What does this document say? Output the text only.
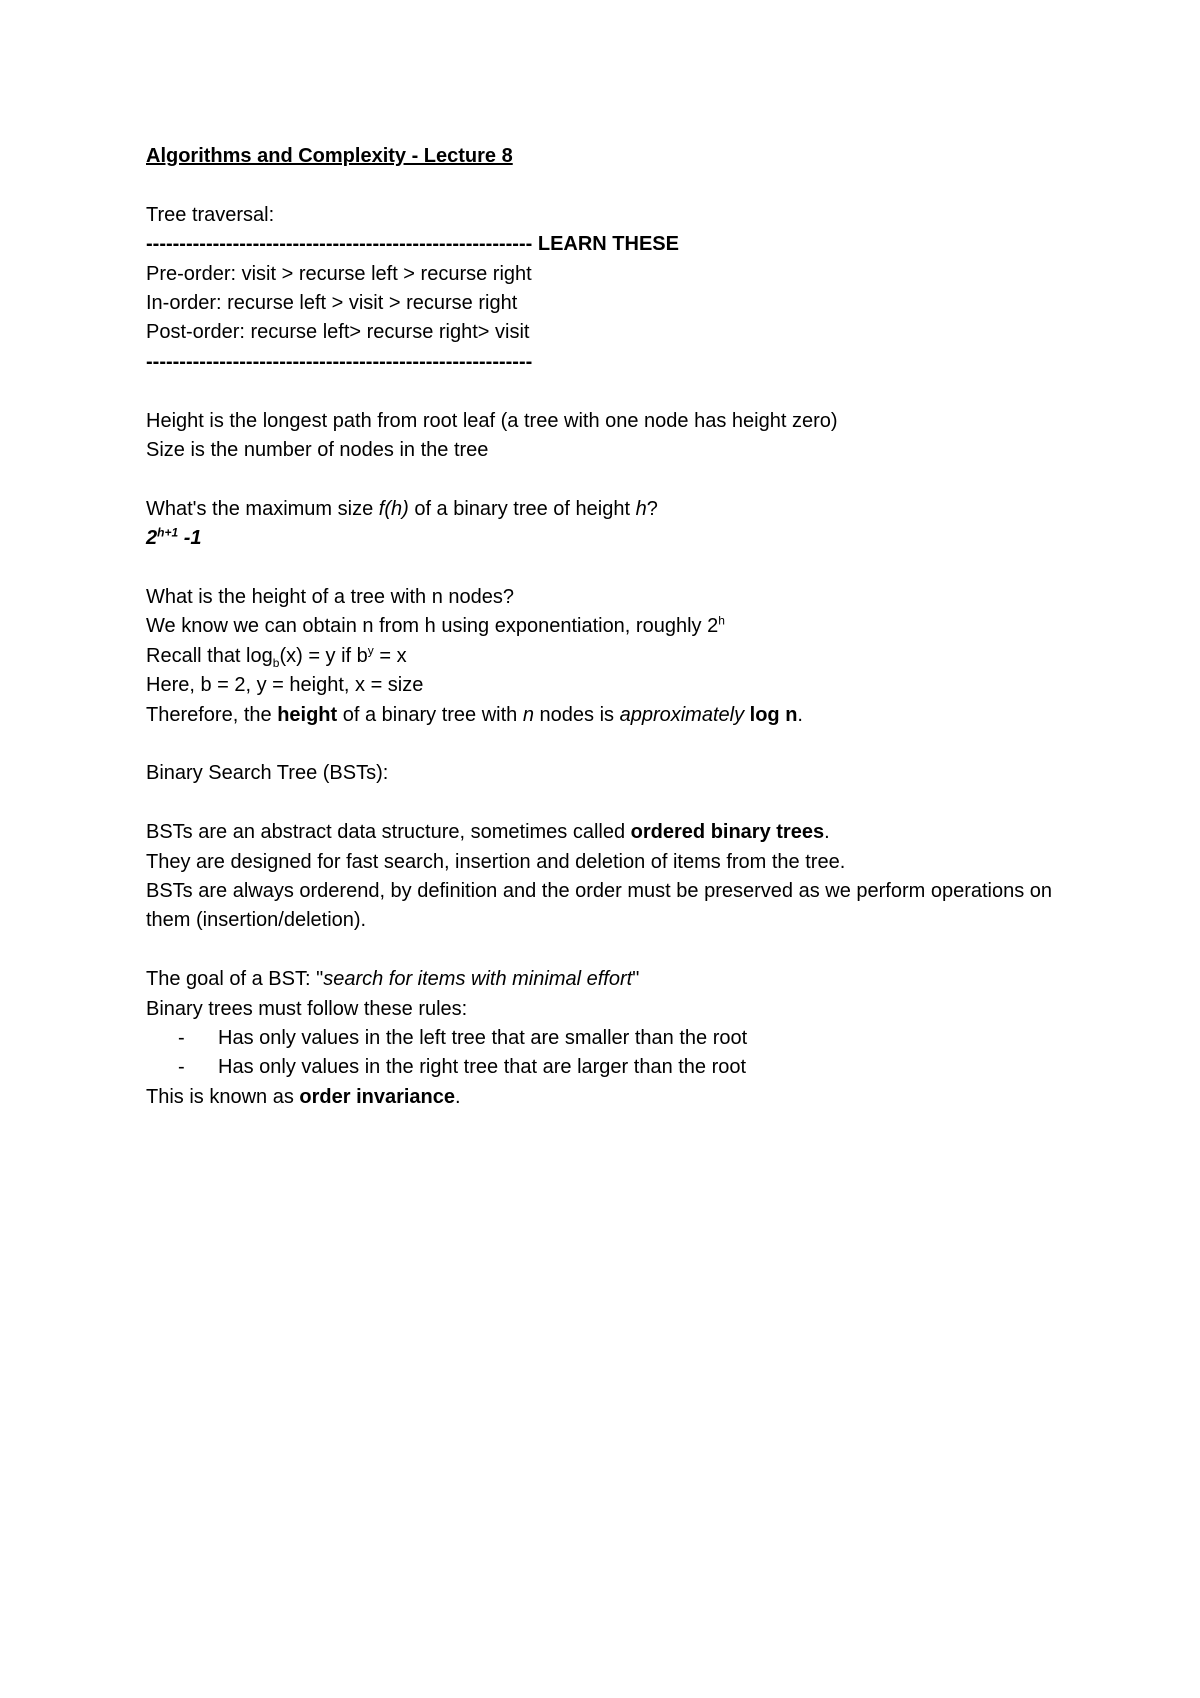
Algorithms and Complexity - Lecture 8
Tree traversal:
---------------------------------------------------------- LEARN THESE
Pre-order: visit > recurse left > recurse right
In-order: recurse left > visit > recurse right
Post-order: recurse left> recurse right> visit
----------------------------------------------------------
Height is the longest path from root leaf (a tree with one node has height zero)
Size is the number of nodes in the tree
What's the maximum size f(h) of a binary tree of height h?
$2^{h+1}$ -1
What is the height of a tree with n nodes?
We know we can obtain n from h using exponentiation, roughly 2$^h$
Recall that $\log_b(x) = y$ if $b^y = x$
Here, b = 2, y = height, x = size
Therefore, the height of a binary tree with n nodes is approximately log n.
Binary Search Tree (BSTs):
BSTs are an abstract data structure, sometimes called ordered binary trees.
They are designed for fast search, insertion and deletion of items from the tree.
BSTs are always orderend, by definition and the order must be preserved as we perform operations on them (insertion/deletion).
The goal of a BST: "search for items with minimal effort"
Binary trees must follow these rules:
- Has only values in the left tree that are smaller than the root
- Has only values in the right tree that are larger than the root
This is known as order invariance.
